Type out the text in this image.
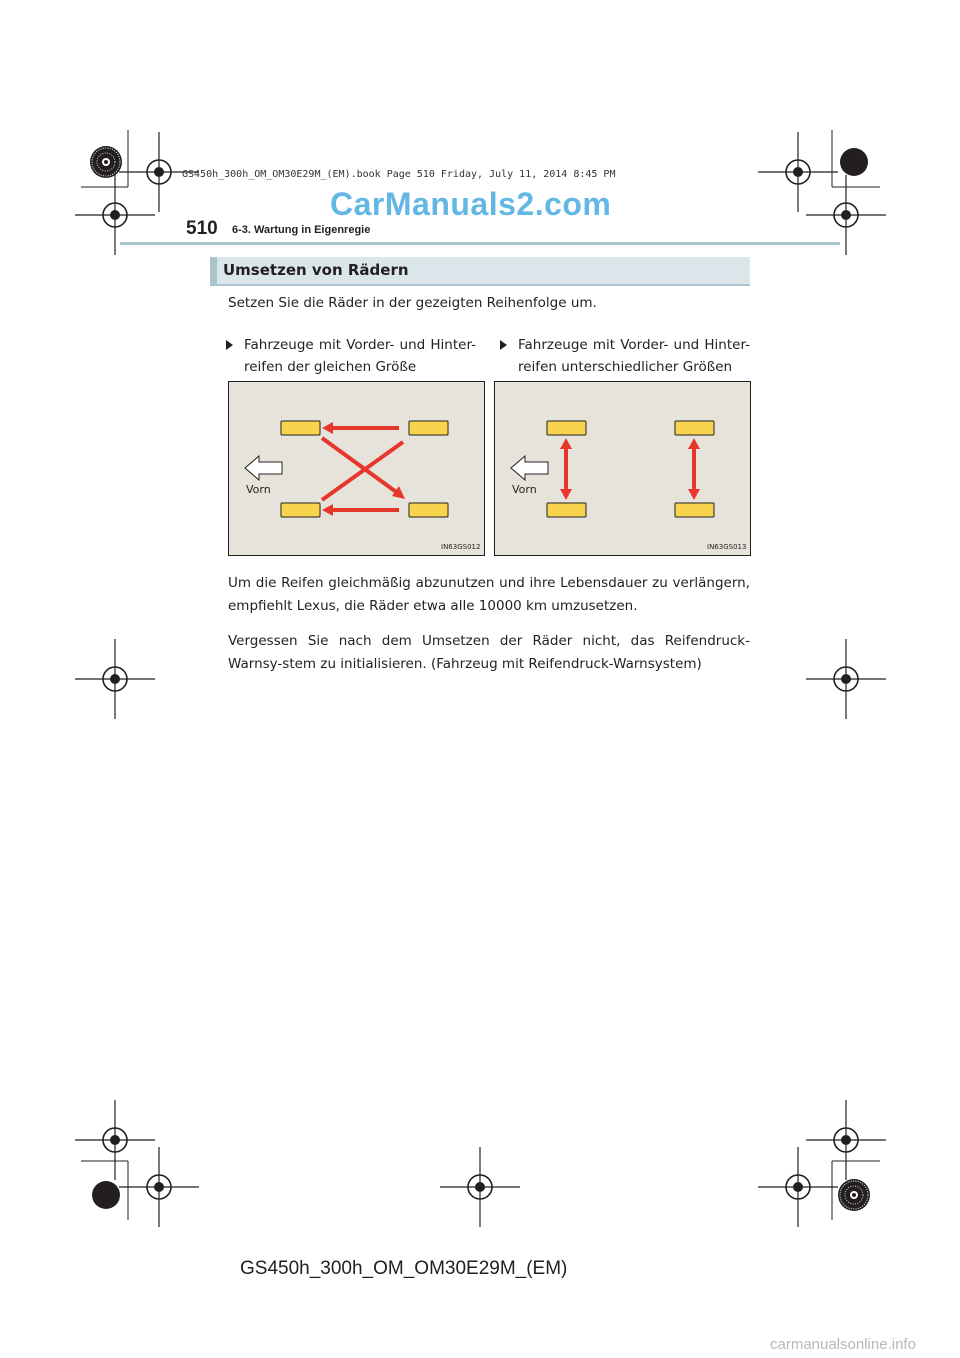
GS450h_300h_OM_OM30E29M_(EM).book Page 510 Friday, July 11, 2014 8:45 PM
CarManuals2.com
510 6-3. Wartung in Eigenregie
Umsetzen von Rädern
Setzen Sie die Räder in der gezeigten Reihenfolge um.
Fahrzeuge mit Vorder- und Hinter-reifen der gleichen Größe
Fahrzeuge mit Vorder- und Hinter-reifen unterschiedlicher Größen
Vorn
IN63GS012
Vorn
IN63GS013
Um die Reifen gleichmäßig abzunutzen und ihre Lebensdauer zu verlängern, empfiehlt Lexus, die Räder etwa alle 10000 km umzusetzen.
Vergessen Sie nach dem Umsetzen der Räder nicht, das Reifendruck-Warnsy-stem zu initialisieren. (Fahrzeug mit Reifendruck-Warnsystem)
GS450h_300h_OM_OM30E29M_(EM)
carmanualsonline.info
